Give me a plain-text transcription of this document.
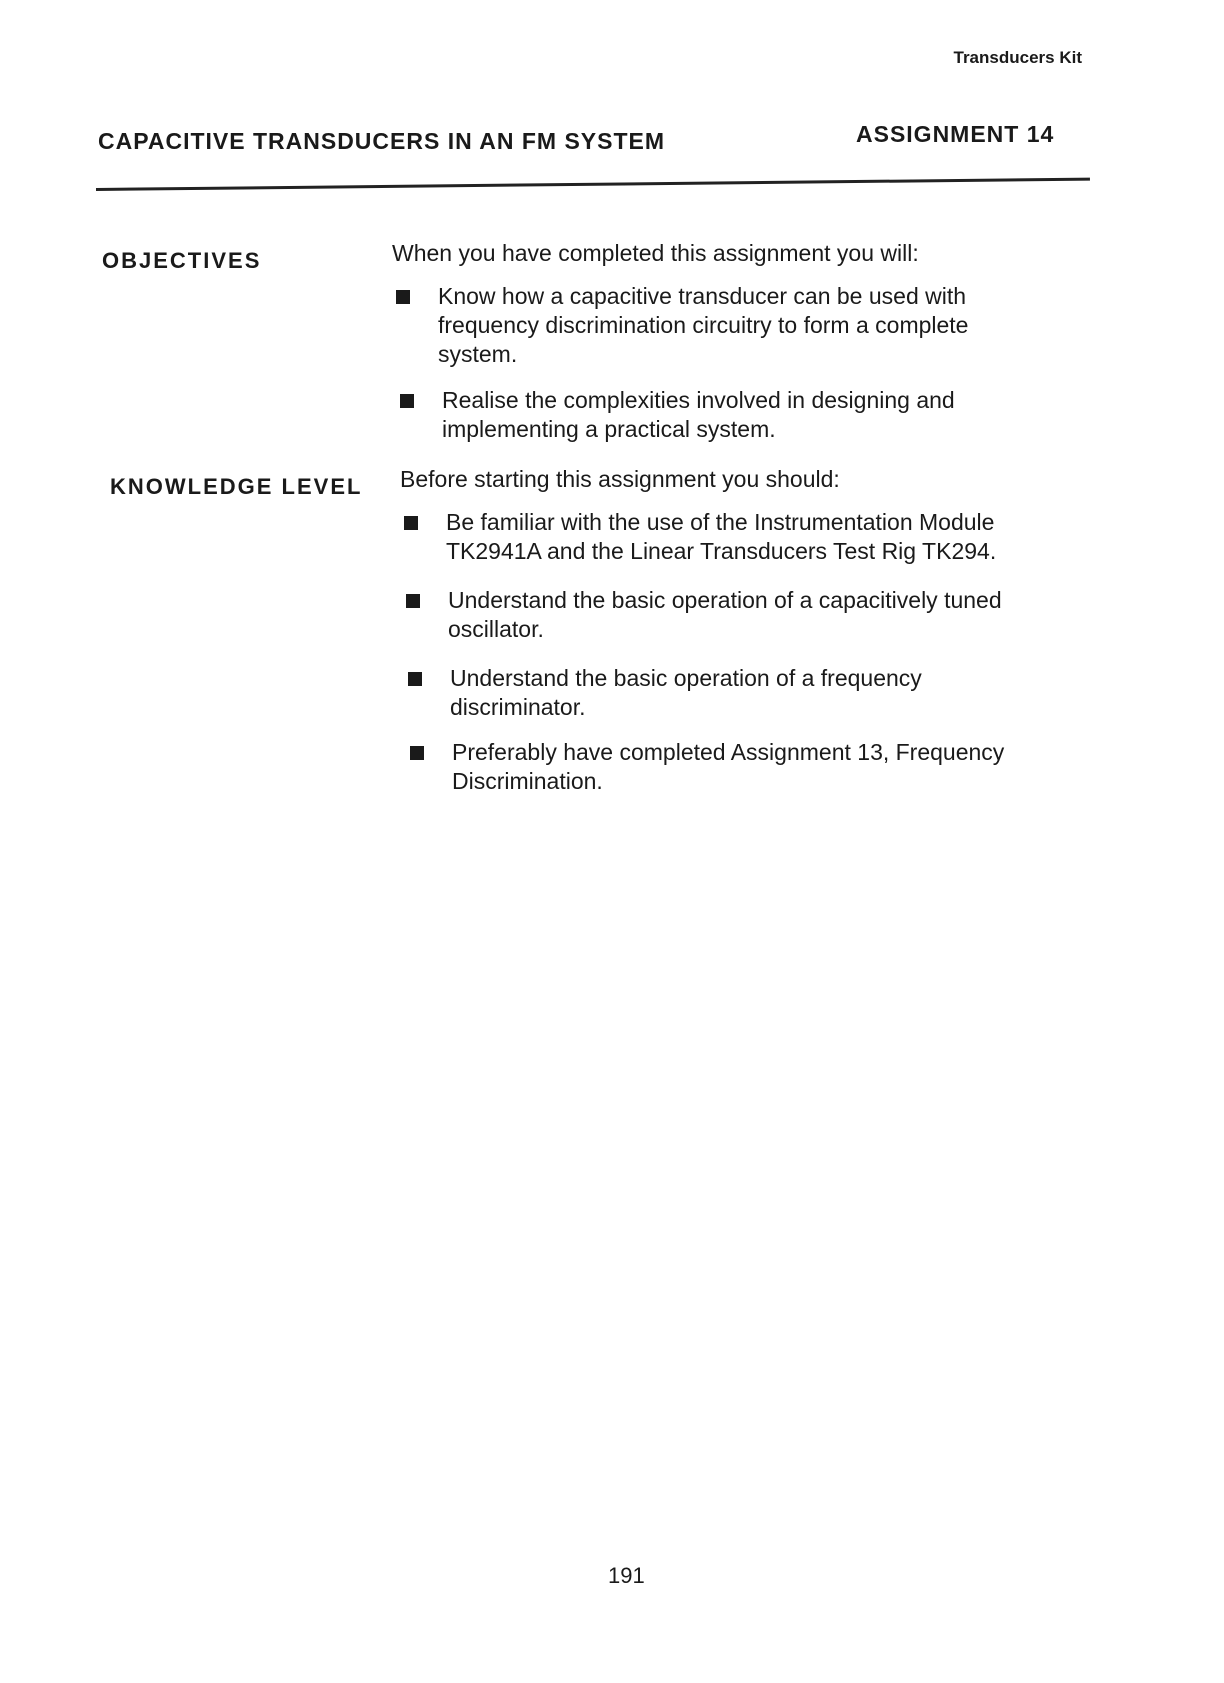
Transducers Kit
CAPACITIVE TRANSDUCERS IN AN FM SYSTEM	ASSIGNMENT 14
OBJECTIVES	When you have completed this assignment you will:
Know how a capacitive transducer can be used with frequency discrimination circuitry to form a complete system.
Realise the complexities involved in designing and implementing a practical system.
KNOWLEDGE LEVEL Before starting this assignment you should:
Be familiar with the use of the Instrumentation Module TK2941A and the Linear Transducers Test Rig TK294.
Understand the basic operation of a capacitively tuned oscillator.
Understand the basic operation of a frequency discriminator.
Preferably have completed Assignment 13, Frequency Discrimination.
191
